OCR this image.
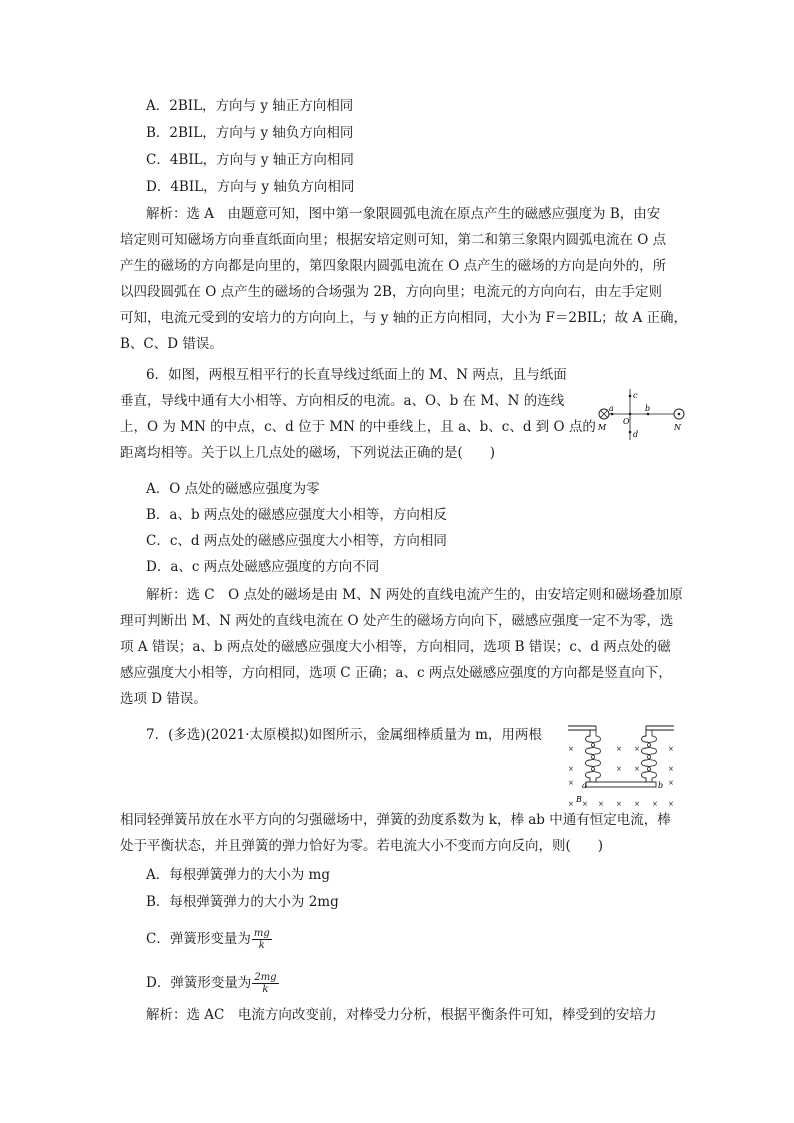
A．2BIL，方向与 y 轴正方向相同
B．2BIL，方向与 y 轴负方向相同
C．4BIL，方向与 y 轴正方向相同
D．4BIL，方向与 y 轴负方向相同
解析：选 A　由题意可知，图中第一象限圆弧电流在原点产生的磁感应强度为 B，由安
培定则可知磁场方向垂直纸面向里；根据安培定则可知，第二和第三象限内圆弧电流在 O 点
产生的磁场的方向都是向里的，第四象限内圆弧电流在 O 点产生的磁场的方向是向外的，所
以四段圆弧在 O 点产生的磁场的合场强为 2B，方向向里；电流元的方向向右，由左手定则
可知，电流元受到的安培力的方向向上，与 y 轴的正方向相同，大小为 F＝2BIL；故 A 正确，
B、C、D 错误。
6．如图，两根互相平行的长直导线过纸面上的 M、N 两点，且与纸面
垂直，导线中通有大小相等、方向相反的电流。a、O、b 在 M、N 的连线
上，O 为 MN 的中点，c、d 位于 MN 的中垂线上，且 a、b、c、d 到 O 点的
距离均相等。关于以上几点处的磁场，下列说法正确的是(　　)
M
a
O
b
N
c
d
A．O 点处的磁感应强度为零
B．a、b 两点处的磁感应强度大小相等，方向相反
C．c、d 两点处的磁感应强度大小相等，方向相同
D．a、c 两点处磁感应强度的方向不同
解析：选 C　O 点处的磁场是由 M、N 两处的直线电流产生的，由安培定则和磁场叠加原
理可判断出 M、N 两处的直线电流在 O 处产生的磁场方向向下，磁感应强度一定不为零，选
项 A 错误；a、b 两点处的磁感应强度大小相等，方向相同，选项 B 错误；c、d 两点处的磁
感应强度大小相等，方向相同，选项 C 正确；a、c 两点处磁感应强度的方向都是竖直向下，
选项 D 错误。
7．(多选)(2021·太原模拟)如图所示，金属细棒质量为 m，用两根
×	× ×	×
×	× ×	×
×	×
× × × × × × ×
a	b
B
相同轻弹簧吊放在水平方向的匀强磁场中，弹簧的劲度系数为 k，棒 ab 中通有恒定电流，棒
处于平衡状态，并且弹簧的弹力恰好为零。若电流大小不变而方向反向，则(　　)
A．每根弹簧弹力的大小为 mg
B．每根弹簧弹力的大小为 2mg
C．弹簧形变量为 $\frac{mg}{k}$
D．弹簧形变量为 $\frac{2mg}{k}$
解析：选 AC　电流方向改变前，对棒受力分析，根据平衡条件可知，棒受到的安培力
